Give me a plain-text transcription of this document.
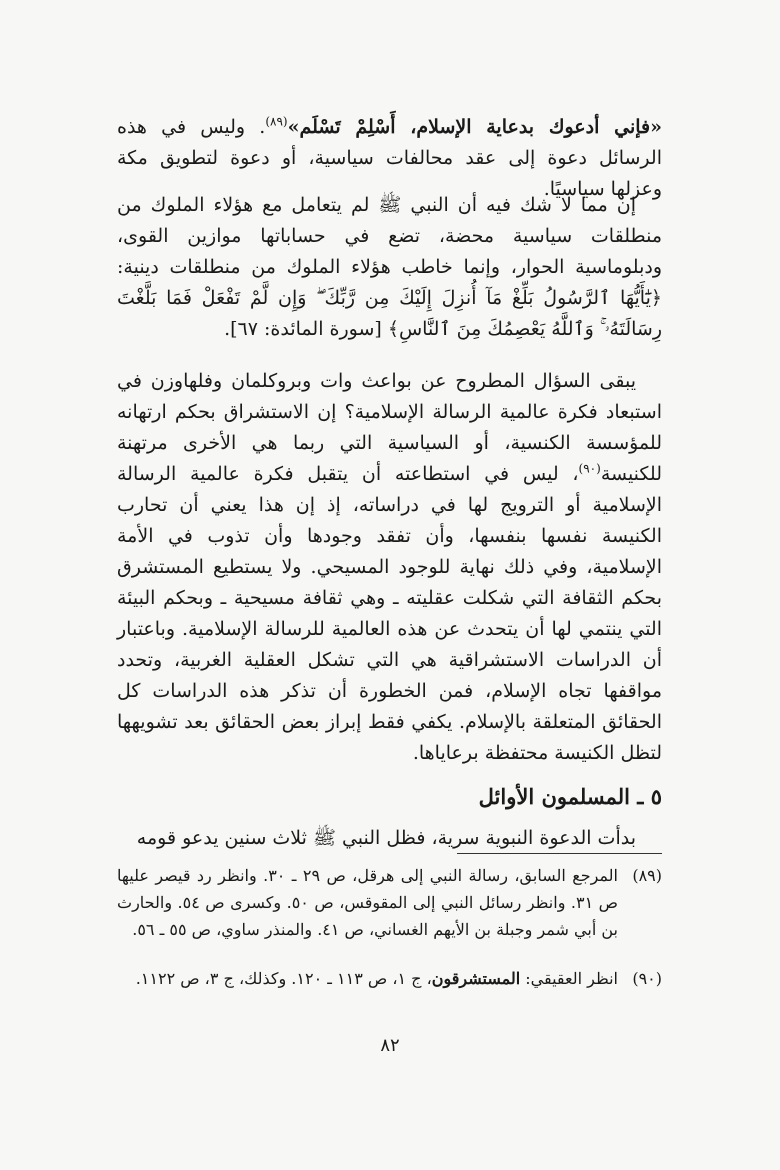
«فإني أدعوك بدعاية الإسلام، أَسْلِمْ تَسْلَم»$^{(٨٩)}$. وليس في هذه الرسائل دعوة إلى عقد محالفات سياسية، أو دعوة لتطويق مكة وعزلها سياسيًا.

إن مما لا شك فيه أن النبي ﷺ لم يتعامل مع هؤلاء الملوك من منطلقات سياسية محضة، تضع في حساباتها موازين القوى، ودبلوماسية الحوار، وإنما خاطب هؤلاء الملوك من منطلقات دينية: ﴿يَٰٓأَيُّهَا ٱلرَّسُولُ بَلِّغْ مَآ أُنزِلَ إِلَيْكَ مِن رَّبِّكَ ۖ وَإِن لَّمْ تَفْعَلْ فَمَا بَلَّغْتَ رِسَالَتَهُۥ ۚ وَٱللَّهُ يَعْصِمُكَ مِنَ ٱلنَّاسِ﴾ [سورة المائدة: ٦٧].

يبقى السؤال المطروح عن بواعث وات وبروكلمان وفلهاوزن في استبعاد فكرة عالمية الرسالة الإسلامية؟ إن الاستشراق بحكم ارتهانه للمؤسسة الكنسية، أو السياسية التي ربما هي الأخرى مرتهنة للكنيسة$^{(٩٠)}$، ليس في استطاعته أن يتقبل فكرة عالمية الرسالة الإسلامية أو الترويج لها في دراساته، إذ إن هذا يعني أن تحارب الكنيسة نفسها بنفسها، وأن تفقد وجودها وأن تذوب في الأمة الإسلامية، وفي ذلك نهاية للوجود المسيحي. ولا يستطيع المستشرق بحكم الثقافة التي شكلت عقليته ـ وهي ثقافة مسيحية ـ وبحكم البيئة التي ينتمي لها أن يتحدث عن هذه العالمية للرسالة الإسلامية. وباعتبار أن الدراسات الاستشراقية هي التي تشكل العقلية الغربية، وتحدد مواقفها تجاه الإسلام، فمن الخطورة أن تذكر هذه الدراسات كل الحقائق المتعلقة بالإسلام. يكفي فقط إبراز بعض الحقائق بعد تشويهها لتظل الكنيسة محتفظة برعاياها.

٥ ـ المسلمون الأوائل

بدأت الدعوة النبوية سرية، فظل النبي ﷺ ثلاث سنين يدعو قومه

(٨٩)
المرجع السابق، رسالة النبي إلى هرقل، ص ٢٩ ـ ٣٠. وانظر رد قيصر عليها ص ٣١. وانظر رسائل النبي إلى المقوقس، ص ٥٠. وكسرى ص ٥٤. والحارث بن أبي شمر وجبلة بن الأيهم الغساني، ص ٤١. والمنذر ساوي، ص ٥٥ ـ ٥٦.
(٩٠)
انظر العقيقي: المستشرقون، ج ١، ص ١١٣ ـ ١٢٠. وكذلك، ج ٣، ص ١١٢٢.
٨٢
